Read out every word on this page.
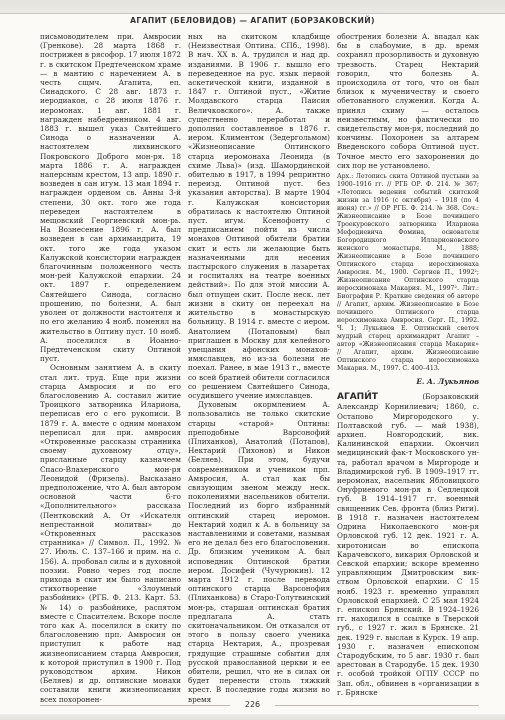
АГАПИТ (БЕЛОВИДОВ) — АГАПИТ (БОРЗАКОВСКИЙ)

письмоводителем при. Амвросии (Гренкове). 28 марта 1868 г. пострижен в рясофор. 17 июля 1872 г. в скитском Предтеченском храме — в мантию с наречением А. в честь сщмч. Агапита, еп. Синадского. С 28 авг. 1873 г. иеродиакон, с 28 июля 1876 г. иеромонах. 1 авг. 1881 г. награжден набедренником. 4 авг. 1883 г. вышел указ Святейшего Синода о назначении А. настоятелем лихвинского Покровского Доброго мон-ря. 18 марта 1886 г. А. награжден наперсным крестом, 13 апр. 1890 г. возведен в сан игум. 13 мая 1894 г. награжден орденом св. Анны 3-й степени, 30 окт. того же года переведен настоятелем в мещовский Георгиевский мон-рь. На Вознесение 1896 г. А. был возведен в сан архимандрита, 19 окт. того же года указом Калужской консистории награжден благочинным положенного честь мон-рей Калужской епархии. 24 окт. 1897 г. определением Святейшего Синода, согласно прошению, по болезни, А. был уволен от должности настоятеля и по его желанию 4 нояб. поменял на жительство в Оптину пуст. 10 нояб. А. поселился в Иоанно-Предтеченском скиту Оптиной пуст.

Основным занятием А. в скиту стал лит. труд. Еще при жизни старца Амвросия и по его благословению А. составил житие Троицкого затворника Илариона, переписав его с его рукописи. В 1879 г. А. вместе с одним монахом переписал для при. амвросия «Откровенные рассказы странника своему духовному отцу», присланные старцу казначеем Спасо-Влахернского мон-ря Леонидой (Фризель). Высказано предположение, что А. был автором основной части 6-го «Дополнительного» рассказа (Пентковский А. От «Искателя непрестанной молитвы» до «Откровенных рассказов странника» // Символ. П., 1992. № 27. Июль. С. 137–166 и прим. на с. 156). А. пробовал силы и в духовной поэзии. Ровно через год после прихода в скит им было написано стихотворение «Злоумный разбойник» (РГБ. Ф. 213. Карт. 53. № 14) о разбойнике, распятом вместе с Спасителем. Вскоре после того как А. поселился в скиту по благословению прп. Амвросия он приступил к работе над жизнеописанием старца Амвросия, к которой приступил в 1900 г. Под руководством архим. Никон (Беляев) и др. оптинские монахи составили книги жизнеописания всех похоронен-

ных на скитском кладбище (Неизвестная Оптина. СПб., 1998). В нач. XX в. А. трудился и над др. изданиями. В 1906 г. вышло его переведенное на рус. язык первой аскетической книги, изданной в 1847 г. Оптиной пуст., «Житие Молдавского старца Паисия Величковского». А. также существенно переработал и дополнил составленное в 1876 г. иером. Климентом (Зедергольмом) «Жизнеописание Оптинского старца иеромонаха Леонида (в схиме Льва)» (изд. Шамординской обителью в 1917, в 1994 репринтно переизд. Оптиной пуст. без указания авторства). В марте 1904 г. Калужская консистория обратилась к настоятелю Оптиной пуст. игум. Ксенофонту с предписанием пойти из числа монахов Оптиной обители братии скит и есть ли желающие быть назначенными для несения пастырского служения в лазаретах и госпиталях на театре военных действий». По для этой миссии А. был отпущен скит. После неск. лет жизни в скиту он переехал на жительство в монастырскую больницу. В 1914 г. вместе с иером. Анатолием (Потаповым) был приглашен в Москву для келейного увещания афонских монахов-имяславцев, но из-за болезни не поехал. Ранее, в мае 1913 г., вместе со всей братией обители согласился со решением Святейшего Синода, осудившего учение имяславцев.

Духовным окормлением А. пользовались не только скитские старцы «старой» Оптины: преподобные Варсонофий (Плиханков), Анатолий (Потапов), Нектарий (Тихонов) и Никон (Беляев). При этом, будучи современником и учеником прп. Амвросия, А. стал как бы связующим звеном между неск. поколениями насельников обители. Последний из борго избранный оптинский старец иеромон. Нектарий ходил к А. в больницу за наставлениями и советами, называя его не делал без его благословения. Др. близким учеником А. был исповедник Оптинской братии иером. Досифей (Чучурюкин). 12 марта 1912 г. после перевода оптинского старца Варсонофия (Плиханкова) в Старо-Голутвинский мон-рь, старшая оптинская братия предлагала А. стать скитоначальником. Он отказался от этого в пользу своего ученика старца Нектария, А., прозревая грядущие страшные события для русской православной церкви и ее обители, решил, что не в силах он будет перенести столь тяжкий крест. В последние годы жизни во время

обострения болезни А. впадал как бы в слабоумие, в др. время сохранял прозорливость и духовную трезвость. Старец Нектарий говорил, что болезнь А. происходила от того, что он был близок к мученичеству и своего обетованного служения. Когда А. принял схиму — осталось неизвестным, но фактически по свидетельству мон-ря, последний до кончины. Похоронен за алтарем Введенского собора Оптиной пуст. Точное место его захоронения до сих пор не установлено.

Арх.: Летопись скита Оптиной пустыни за 1900–1916 гг. // РГБ ОР. Ф. 214. № 367; «Летопись ведения событий скитской жизни за 1916 (с октября) – 1918 (по 4 июня) гг.» // ОР РГБ. Ф. 214. № 368. Соч.: Жизнеописание в Бозе почившего Троекуровского затворника Илариона Мефодиевича Фомина, основателя Богородицкого Илларионовского женского монастыря. М., 1888; Жизнеописание в Бозе почившего Оптинского старца иеросхимонаха Амвросия. М., 1900. Сергиев П., 1992²; Жизнеописание Оптинского старца иеросхимонаха Макария. М., 1997². Лит.: Биография Р. Краткие сведения об авторе // Агапит, архим. Жизнеописание в Бозе почившего Оптинского старца иеросхимонаха Амвросия. Серг. П., 1992. Ч. 1; Лукьянов Е. Оптинский светоч мудрый старец архимандрит Агапит – автор «Жизнеописания старца Макария» // Агапит, архим. Жизнеописание Оптинского старца иеросхимонаха Макария. М., 1997. С. 400–413.

Е. А. Лукьянов

АГАПИ́Т	(Борзаковский Александр Корнилиевич; 1860, с. Остапово Миргородского у. Полтавской губ. — май 1938), архиеп. Новгородский, вик. Калининской епархии. Окончил медицинский фак-т Московского ун-та, работал врачом в Миргороде и Владимирской губ. В 1909–1917 гг. иеромонах, насельник Ябловицкого Онуфриевого мон-ря в Седлецкой губ. В 1914–1917 гг. военный священник Сев. фронта (близ Риги). В 1918 г. назначен настоятелем Одрина Николаевского мон-ря Орловской губ. 12 дек. 1921 г. А. хиротонисан во епископа Карачевского, викария Орловской и Севской епархии; вскоре временно управляющим Дмитровским вик-ством Орловской епархии. С 15 нояб. 1923 г. временно управлял Орловской епархией. С 25 мая 1924 г. епископ Брянский. В 1924–1926 гг. находился в ссылке в Тверской губ., с 1927 г. жил в Брянске. 21 дек. 1929 г. выслан в Курск. 19 апр. 1930 г. назначен епископом Стародубским, то 5 авг. 1930 г. был арестован в Стародубе. 15 дек. 1930 г. особой тройкой ОГПУ СССР по Зап. обл., обвинен в «организации в г. Брянске

226
